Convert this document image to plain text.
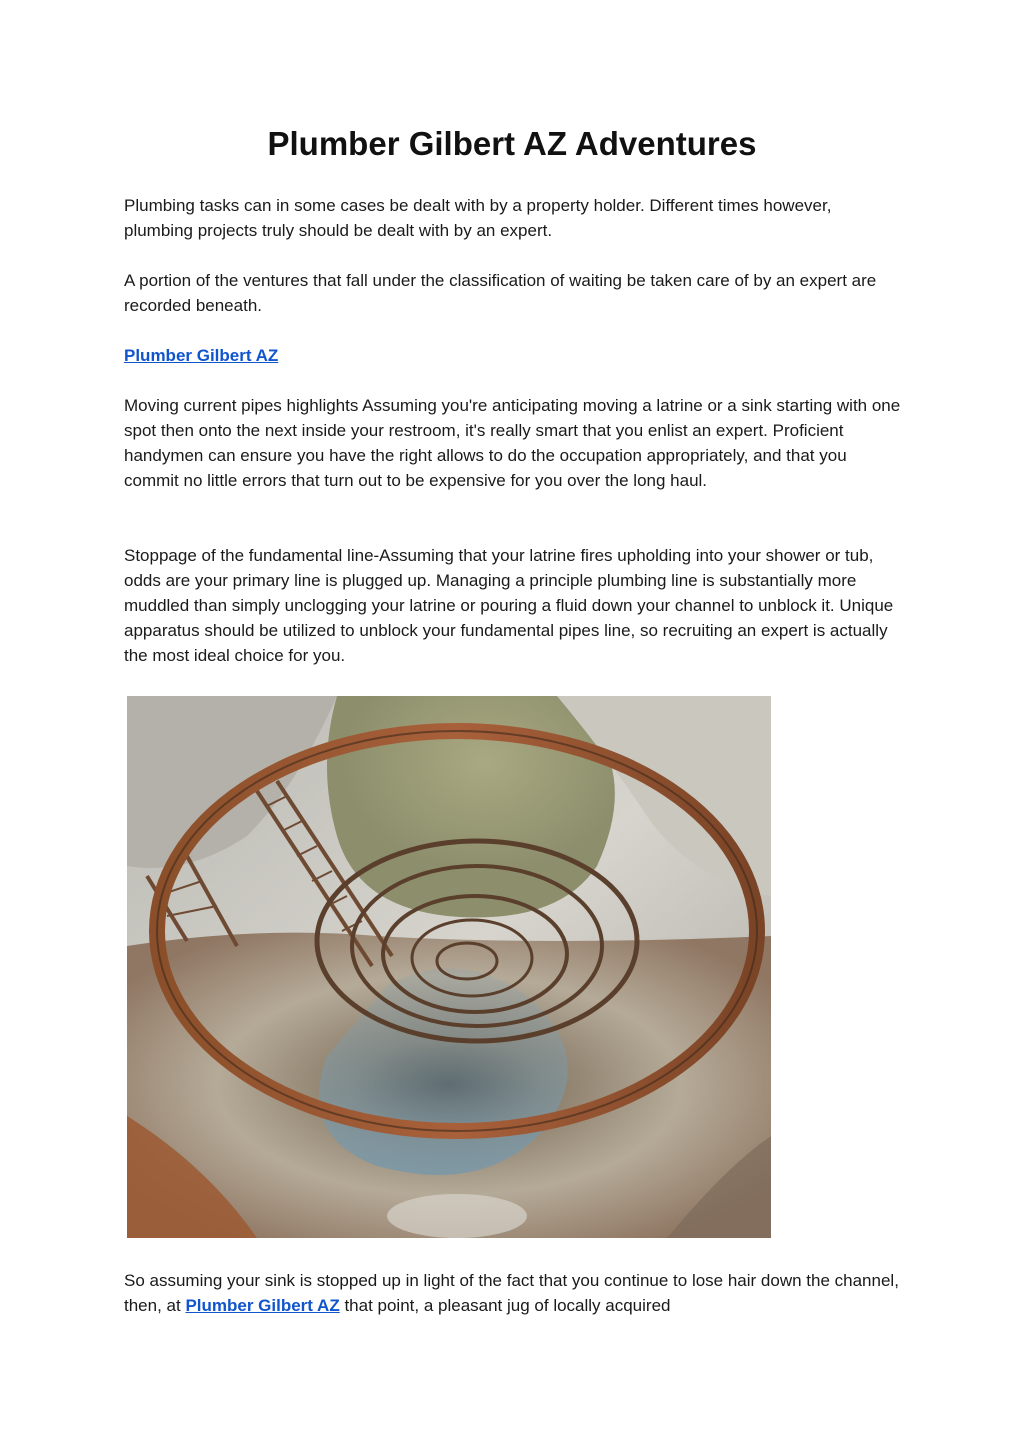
Plumber Gilbert AZ Adventures

Plumbing tasks can in some cases be dealt with by a property holder. Different times however, plumbing projects truly should be dealt with by an expert.

A portion of the ventures that fall under the classification of waiting be taken care of by an expert are recorded beneath.

Plumber Gilbert AZ

Moving current pipes highlights Assuming you're anticipating moving a latrine or a sink starting with one spot then onto the next inside your restroom, it's really smart that you enlist an expert. Proficient handymen can ensure you have the right allows to do the occupation appropriately, and that you commit no little errors that turn out to be expensive for you over the long haul.

Stoppage of the fundamental line-Assuming that your latrine fires upholding into your shower or tub, odds are your primary line is plugged up. Managing a principle plumbing line is substantially more muddled than simply unclogging your latrine or pouring a fluid down your channel to unblock it. Unique apparatus should be utilized to unblock your fundamental pipes line, so recruiting an expert is actually the most ideal choice for you.

So assuming your sink is stopped up in light of the fact that you continue to lose hair down the channel, then, at Plumber Gilbert AZ that point, a pleasant jug of locally acquired
